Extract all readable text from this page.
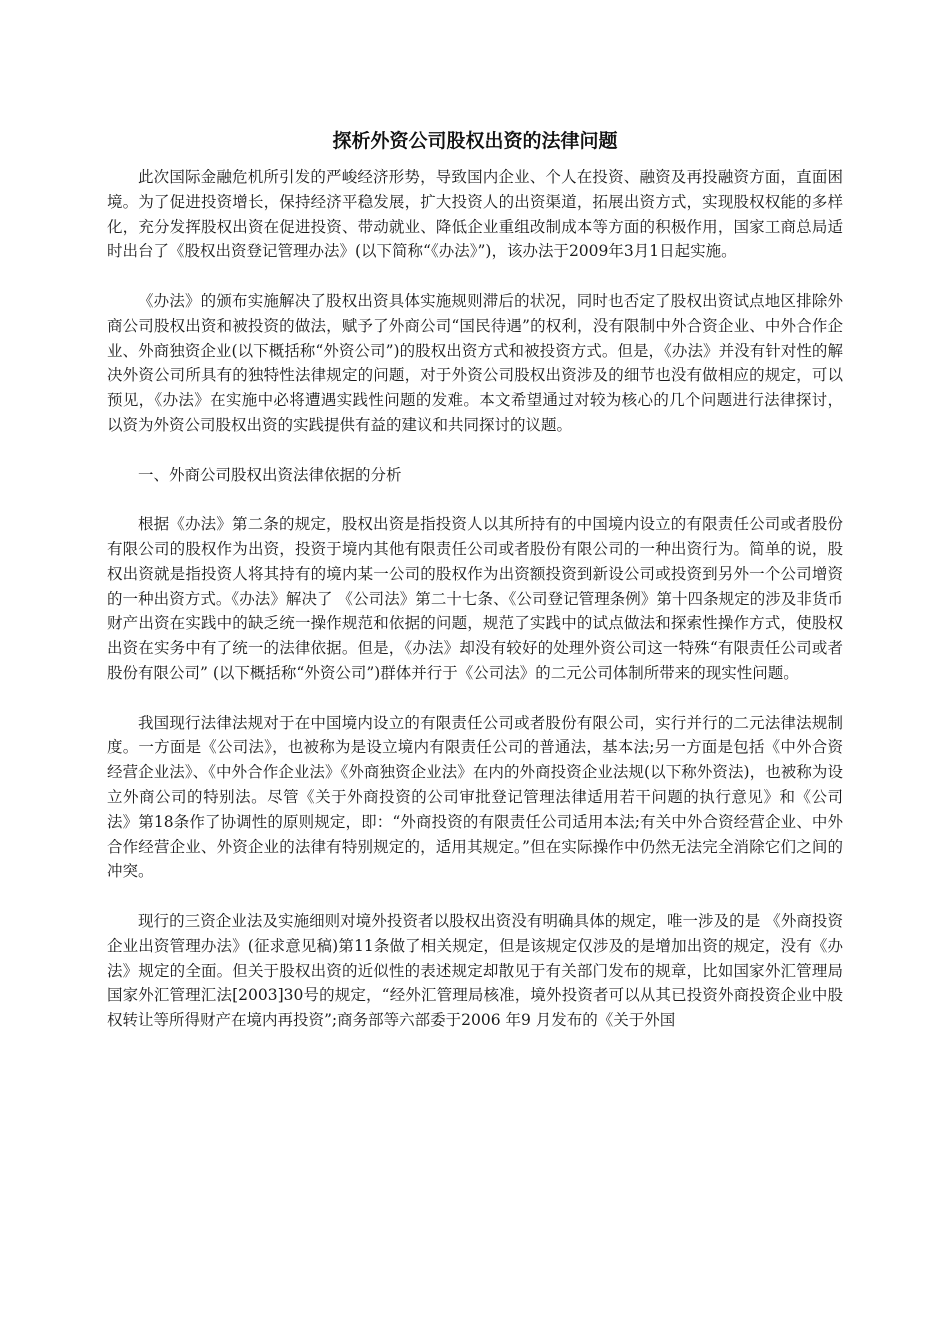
探析外资公司股权出资的法律问题

此次国际金融危机所引发的严峻经济形势，导致国内企业、个人在投资、融资及再投融资方面，直面困境。为了促进投资增长，保持经济平稳发展，扩大投资人的出资渠道，拓展出资方式，实现股权权能的多样化，充分发挥股权出资在促进投资、带动就业、降低企业重组改制成本等方面的积极作用，国家工商总局适时出台了《股权出资登记管理办法》(以下简称“《办法》”)，该办法于2009年3月1日起实施。

《办法》的颁布实施解决了股权出资具体实施规则滞后的状况，同时也否定了股权出资试点地区排除外商公司股权出资和被投资的做法，赋予了外商公司“国民待遇”的权利，没有限制中外合资企业、中外合作企业、外商独资企业(以下概括称“外资公司”)的股权出资方式和被投资方式。但是，《办法》并没有针对性的解决外资公司所具有的独特性法律规定的问题，对于外资公司股权出资涉及的细节也没有做相应的规定，可以预见，《办法》在实施中必将遭遇实践性问题的发难。本文希望通过对较为核心的几个问题进行法律探讨，以资为外资公司股权出资的实践提供有益的建议和共同探讨的议题。

一、外商公司股权出资法律依据的分析

根据《办法》第二条的规定，股权出资是指投资人以其所持有的中国境内设立的有限责任公司或者股份有限公司的股权作为出资，投资于境内其他有限责任公司或者股份有限公司的一种出资行为。简单的说，股权出资就是指投资人将其持有的境内某一公司的股权作为出资额投资到新设公司或投资到另外一个公司增资的一种出资方式。《办法》解决了 《公司法》第二十七条、《公司登记管理条例》第十四条规定的涉及非货币财产出资在实践中的缺乏统一操作规范和依据的问题，规范了实践中的试点做法和探索性操作方式，使股权出资在实务中有了统一的法律依据。但是，《办法》却没有较好的处理外资公司这一特殊“有限责任公司或者股份有限公司” (以下概括称“外资公司”)群体并行于《公司法》的二元公司体制所带来的现实性问题。

我国现行法律法规对于在中国境内设立的有限责任公司或者股份有限公司，实行并行的二元法律法规制度。一方面是《公司法》，也被称为是设立境内有限责任公司的普通法，基本法;另一方面是包括《中外合资经营企业法》、《中外合作企业法》《外商独资企业法》在内的外商投资企业法规(以下称外资法)，也被称为设立外商公司的特别法。尽管《关于外商投资的公司审批登记管理法律适用若干问题的执行意见》和《公司法》第18条作了协调性的原则规定，即：“外商投资的有限责任公司适用本法;有关中外合资经营企业、中外合作经营企业、外资企业的法律有特别规定的，适用其规定。”但在实际操作中仍然无法完全消除它们之间的冲突。

现行的三资企业法及实施细则对境外投资者以股权出资没有明确具体的规定，唯一涉及的是 《外商投资企业出资管理办法》(征求意见稿)第11条做了相关规定，但是该规定仅涉及的是增加出资的规定，没有《办法》规定的全面。但关于股权出资的近似性的表述规定却散见于有关部门发布的规章，比如国家外汇管理局国家外汇管理汇法[2003]30号的规定，“经外汇管理局核准，境外投资者可以从其已投资外商投资企业中股权转让等所得财产在境内再投资”;商务部等六部委于2006 年9 月发布的《关于外国
